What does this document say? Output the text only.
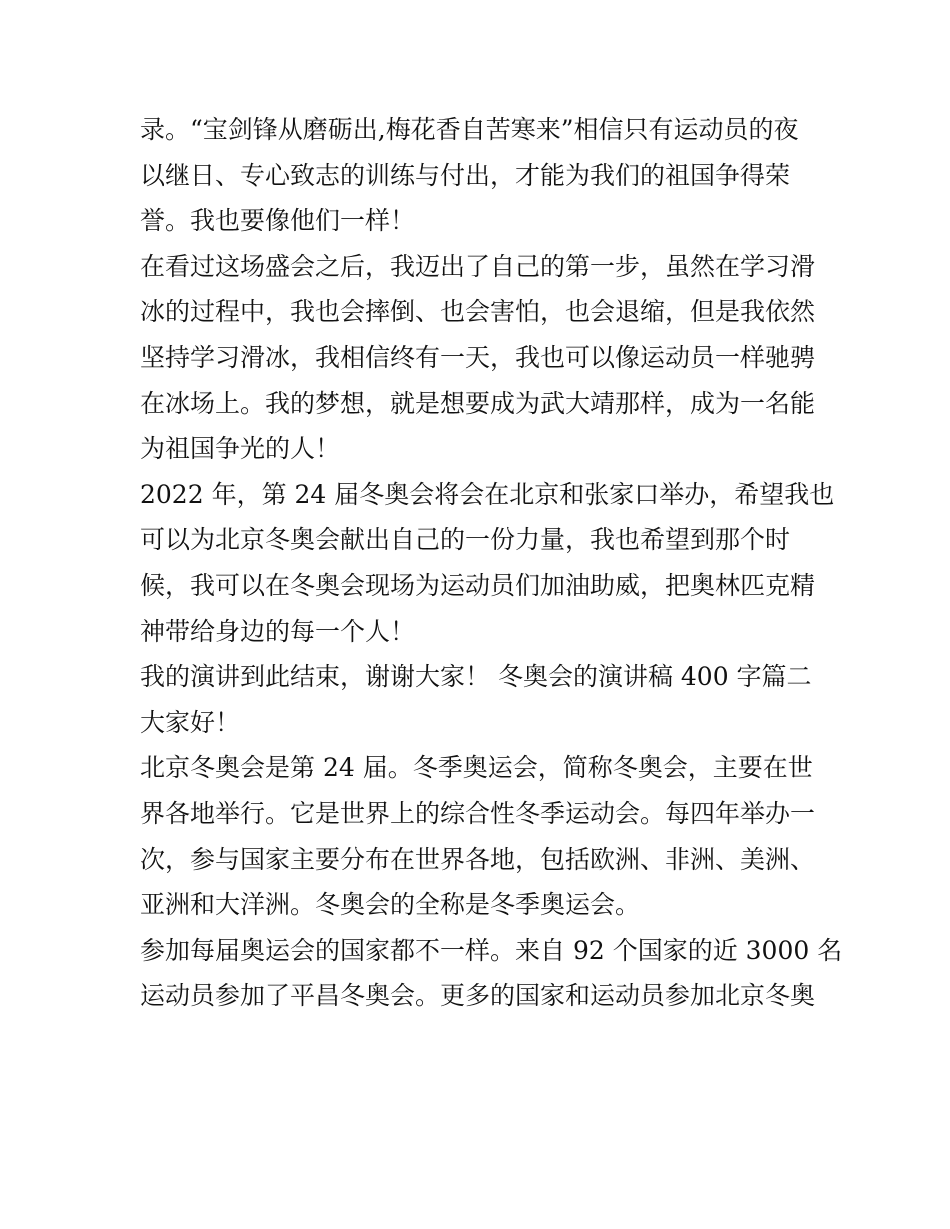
录。“宝剑锋从磨砺出,梅花香自苦寒来”相信只有运动员的夜
以继日、专心致志的训练与付出，才能为我们的祖国争得荣
誉。我也要像他们一样！
在看过这场盛会之后，我迈出了自己的第一步，虽然在学习滑
冰的过程中，我也会摔倒、也会害怕，也会退缩，但是我依然
坚持学习滑冰，我相信终有一天，我也可以像运动员一样驰骋
在冰场上。我的梦想，就是想要成为武大靖那样，成为一名能
为祖国争光的人！
2022 年，第 24 届冬奥会将会在北京和张家口举办，希望我也
可以为北京冬奥会献出自己的一份力量，我也希望到那个时
候，我可以在冬奥会现场为运动员们加油助威，把奥林匹克精
神带给身边的每一个人！
我的演讲到此结束，谢谢大家！ 冬奥会的演讲稿 400 字篇二
大家好！
北京冬奥会是第 24 届。冬季奥运会，简称冬奥会，主要在世
界各地举行。它是世界上的综合性冬季运动会。每四年举办一
次，参与国家主要分布在世界各地，包括欧洲、非洲、美洲、
亚洲和大洋洲。冬奥会的全称是冬季奥运会。
参加每届奥运会的国家都不一样。来自 92 个国家的近 3000 名
运动员参加了平昌冬奥会。更多的国家和运动员参加北京冬奥
